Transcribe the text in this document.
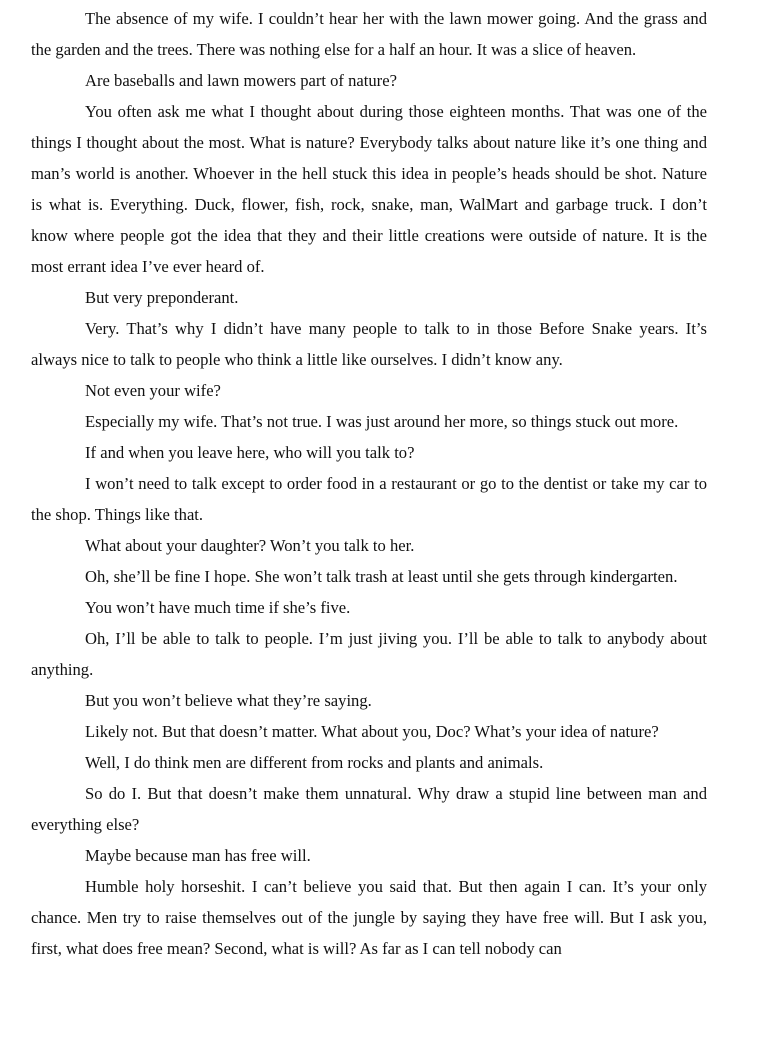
The absence of my wife. I couldn’t hear her with the lawn mower going. And the grass and the garden and the trees. There was nothing else for a half an hour. It was a slice of heaven.

Are baseballs and lawn mowers part of nature?

You often ask me what I thought about during those eighteen months. That was one of the things I thought about the most. What is nature? Everybody talks about nature like it’s one thing and man’s world is another. Whoever in the hell stuck this idea in people’s heads should be shot. Nature is what is. Everything. Duck, flower, fish, rock, snake, man, WalMart and garbage truck. I don’t know where people got the idea that they and their little creations were outside of nature. It is the most errant idea I’ve ever heard of.

But very preponderant.

Very. That’s why I didn’t have many people to talk to in those Before Snake years. It’s always nice to talk to people who think a little like ourselves. I didn’t know any.

Not even your wife?

Especially my wife. That’s not true. I was just around her more, so things stuck out more.

If and when you leave here, who will you talk to?

I won’t need to talk except to order food in a restaurant or go to the dentist or take my car to the shop. Things like that.

What about your daughter? Won’t you talk to her.

Oh, she’ll be fine I hope. She won’t talk trash at least until she gets through kindergarten.

You won’t have much time if she’s five.

Oh, I’ll be able to talk to people. I’m just jiving you. I’ll be able to talk to anybody about anything.

But you won’t believe what they’re saying.

Likely not. But that doesn’t matter. What about you, Doc? What’s your idea of nature?

Well, I do think men are different from rocks and plants and animals.

So do I. But that doesn’t make them unnatural. Why draw a stupid line between man and everything else?

Maybe because man has free will.

Humble holy horseshit. I can’t believe you said that. But then again I can. It’s your only chance. Men try to raise themselves out of the jungle by saying they have free will. But I ask you, first, what does free mean? Second, what is will? As far as I can tell nobody can
